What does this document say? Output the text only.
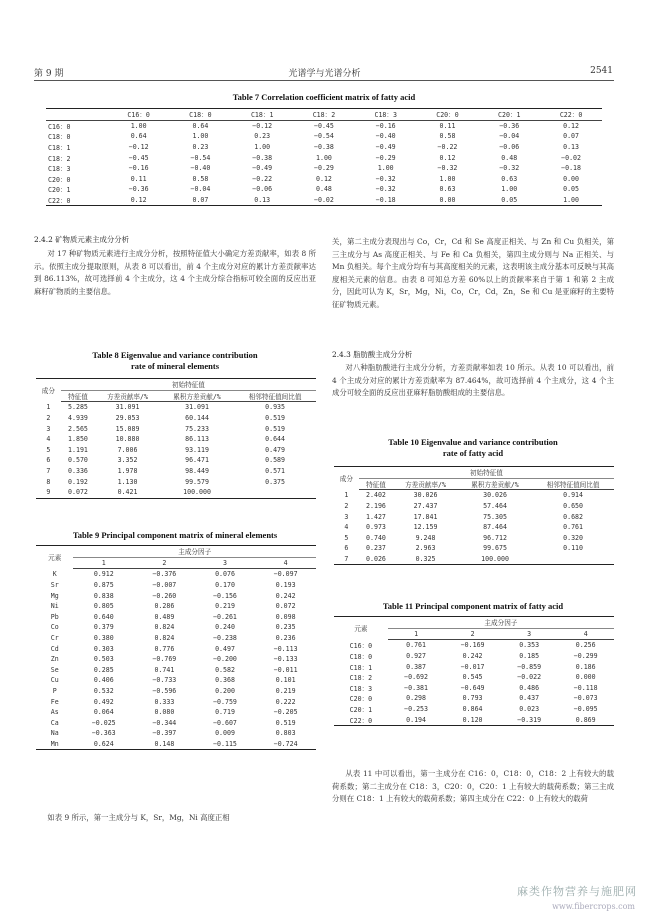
第 9 期	光谱学与光谱分析	2541
Table 7 Correlation coefficient matrix of fatty acid
	C16：0	C18：0	C18：1	C18：2	C18：3	C20：0	C20：1	C22：0
C16：0	1.00	0.64	−0.12	−0.45	−0.16	0.11	−0.36	0.12
C18：0	0.64	1.00	0.23	−0.54	−0.40	0.58	−0.04	0.07
C18：1	−0.12	0.23	1.00	−0.38	−0.49	−0.22	−0.06	0.13
C18：2	−0.45	−0.54	−0.38	1.00	−0.29	0.12	0.48	−0.02
C18：3	−0.16	−0.40	−0.49	−0.29	1.00	−0.32	−0.32	−0.18
C20：0	0.11	0.58	−0.22	0.12	−0.32	1.00	0.63	0.00
C20：1	−0.36	−0.04	−0.06	0.48	−0.32	0.63	1.00	0.05
C22：0	0.12	0.07	0.13	−0.02	−0.18	0.00	0.05	1.00
2.4.2 矿物质元素主成分分析

对 17 种矿物质元素进行主成分分析，按照特征值大小确定方差贡献率，如表 8 所示。依照主成分提取原则，从表 8 可以看出，前 4 个主成分对应的累计方差贡献率达到 86.113%，故可选择前 4 个主成分，这 4 个主成分综合指标可较全面的反应出亚麻籽矿物质的主要信息。

Table 8 Eigenvalue and variance contribution
rate of mineral elements
成分	初始特征值			
	特征值	方差贡献率/%	累积方差贡献/%	相邻特征值间比值
1	5.285	31.091	31.091	0.935
2	4.939	29.053	60.144	0.519
3	2.565	15.089	75.233	0.519
4	1.850	10.880	86.113	0.644
5	1.191	7.006	93.119	0.479
6	0.570	3.352	96.471	0.589
7	0.336	1.978	98.449	0.571
8	0.192	1.130	99.579	0.375
9	0.072	0.421	100.000	
Table 9 Principal component matrix of mineral elements
元素	主成分因子			
	1	2	3	4
K	0.912	−0.376	0.076	−0.097
Sr	0.875	−0.007	0.170	0.193
Mg	0.838	−0.260	−0.156	0.242
Ni	0.805	0.286	0.219	0.072
Pb	0.640	0.489	−0.261	0.098
Co	0.379	0.824	0.240	0.235
Cr	0.380	0.824	−0.238	0.236
Cd	0.303	0.776	0.497	−0.113
Zn	0.503	−0.769	−0.200	−0.133
Se	0.285	0.741	0.582	−0.011
Cu	0.406	−0.733	0.368	0.101
P	0.532	−0.596	0.200	0.219
Fe	0.492	0.333	−0.759	0.222
As	0.064	0.080	0.719	−0.205
Ca	−0.025	−0.344	−0.607	0.519
Na	−0.363	−0.397	0.009	0.803
Mn	0.624	0.148	−0.115	−0.724

如表 9 所示，第一主成分与 K，Sr，Mg，Ni 高度正相

关，第二主成分表现出与 Co，Cr，Cd 和 Se 高度正相关、与 Zn 和 Cu 负相关，第三主成分与 As 高度正相关、与 Fe 和 Ca 负相关，第四主成分则与 Na 正相关、与 Mn 负相关。每个主成分均有与其高度相关的元素，这表明该主成分基本可反映与其高度相关元素的信息。由表 8 可知总方差 60%以上的贡献率来自于第 1 和第 2 主成分，因此可认为 K，Sr，Mg，Ni，Co，Cr，Cd，Zn，Se 和 Cu 是亚麻籽的主要特征矿物质元素。

2.4.3 脂肪酸主成分分析

对八种脂肪酸进行主成分分析，方差贡献率如表 10 所示。从表 10 可以看出，前 4 个主成分对应的累计方差贡献率为 87.464%，故可选择前 4 个主成分，这 4 个主成分可较全面的反应出亚麻籽脂肪酸组成的主要信息。

Table 10 Eigenvalue and variance contribution
rate of fatty acid
成分	初始特征值			
	特征值	方差贡献率/%	累积方差贡献/%	相邻特征值间比值
1	2.402	30.026	30.026	0.914
2	2.196	27.437	57.464	0.650
3	1.427	17.841	75.305	0.682
4	0.973	12.159	87.464	0.761
5	0.740	9.248	96.712	0.320
6	0.237	2.963	99.675	0.110
7	0.026	0.325	100.000	
Table 11 Principal component matrix of fatty acid
元素	主成分因子			
	1	2	3	4
C16：0	0.761	−0.169	0.353	0.256
C18：0	0.927	0.242	0.185	−0.299
C18：1	0.387	−0.017	−0.859	0.186
C18：2	−0.692	0.545	−0.022	0.000
C18：3	−0.381	−0.649	0.486	−0.118
C20：0	0.298	0.793	0.437	−0.073
C20：1	−0.253	0.864	0.023	−0.095
C22：0	0.194	0.120	−0.319	0.869

从表 11 中可以看出，第一主成分在 C16：0，C18：0，C18：2 上有较大的载荷系数；第二主成分在 C18：3，C20：0，C20：1 上有较大的载荷系数；第三主成分则在 C18：1 上有较大的载荷系数；第四主成分在 C22：0 上有较大的载荷

麻类作物营养与施肥网
www.fibercrops.com
